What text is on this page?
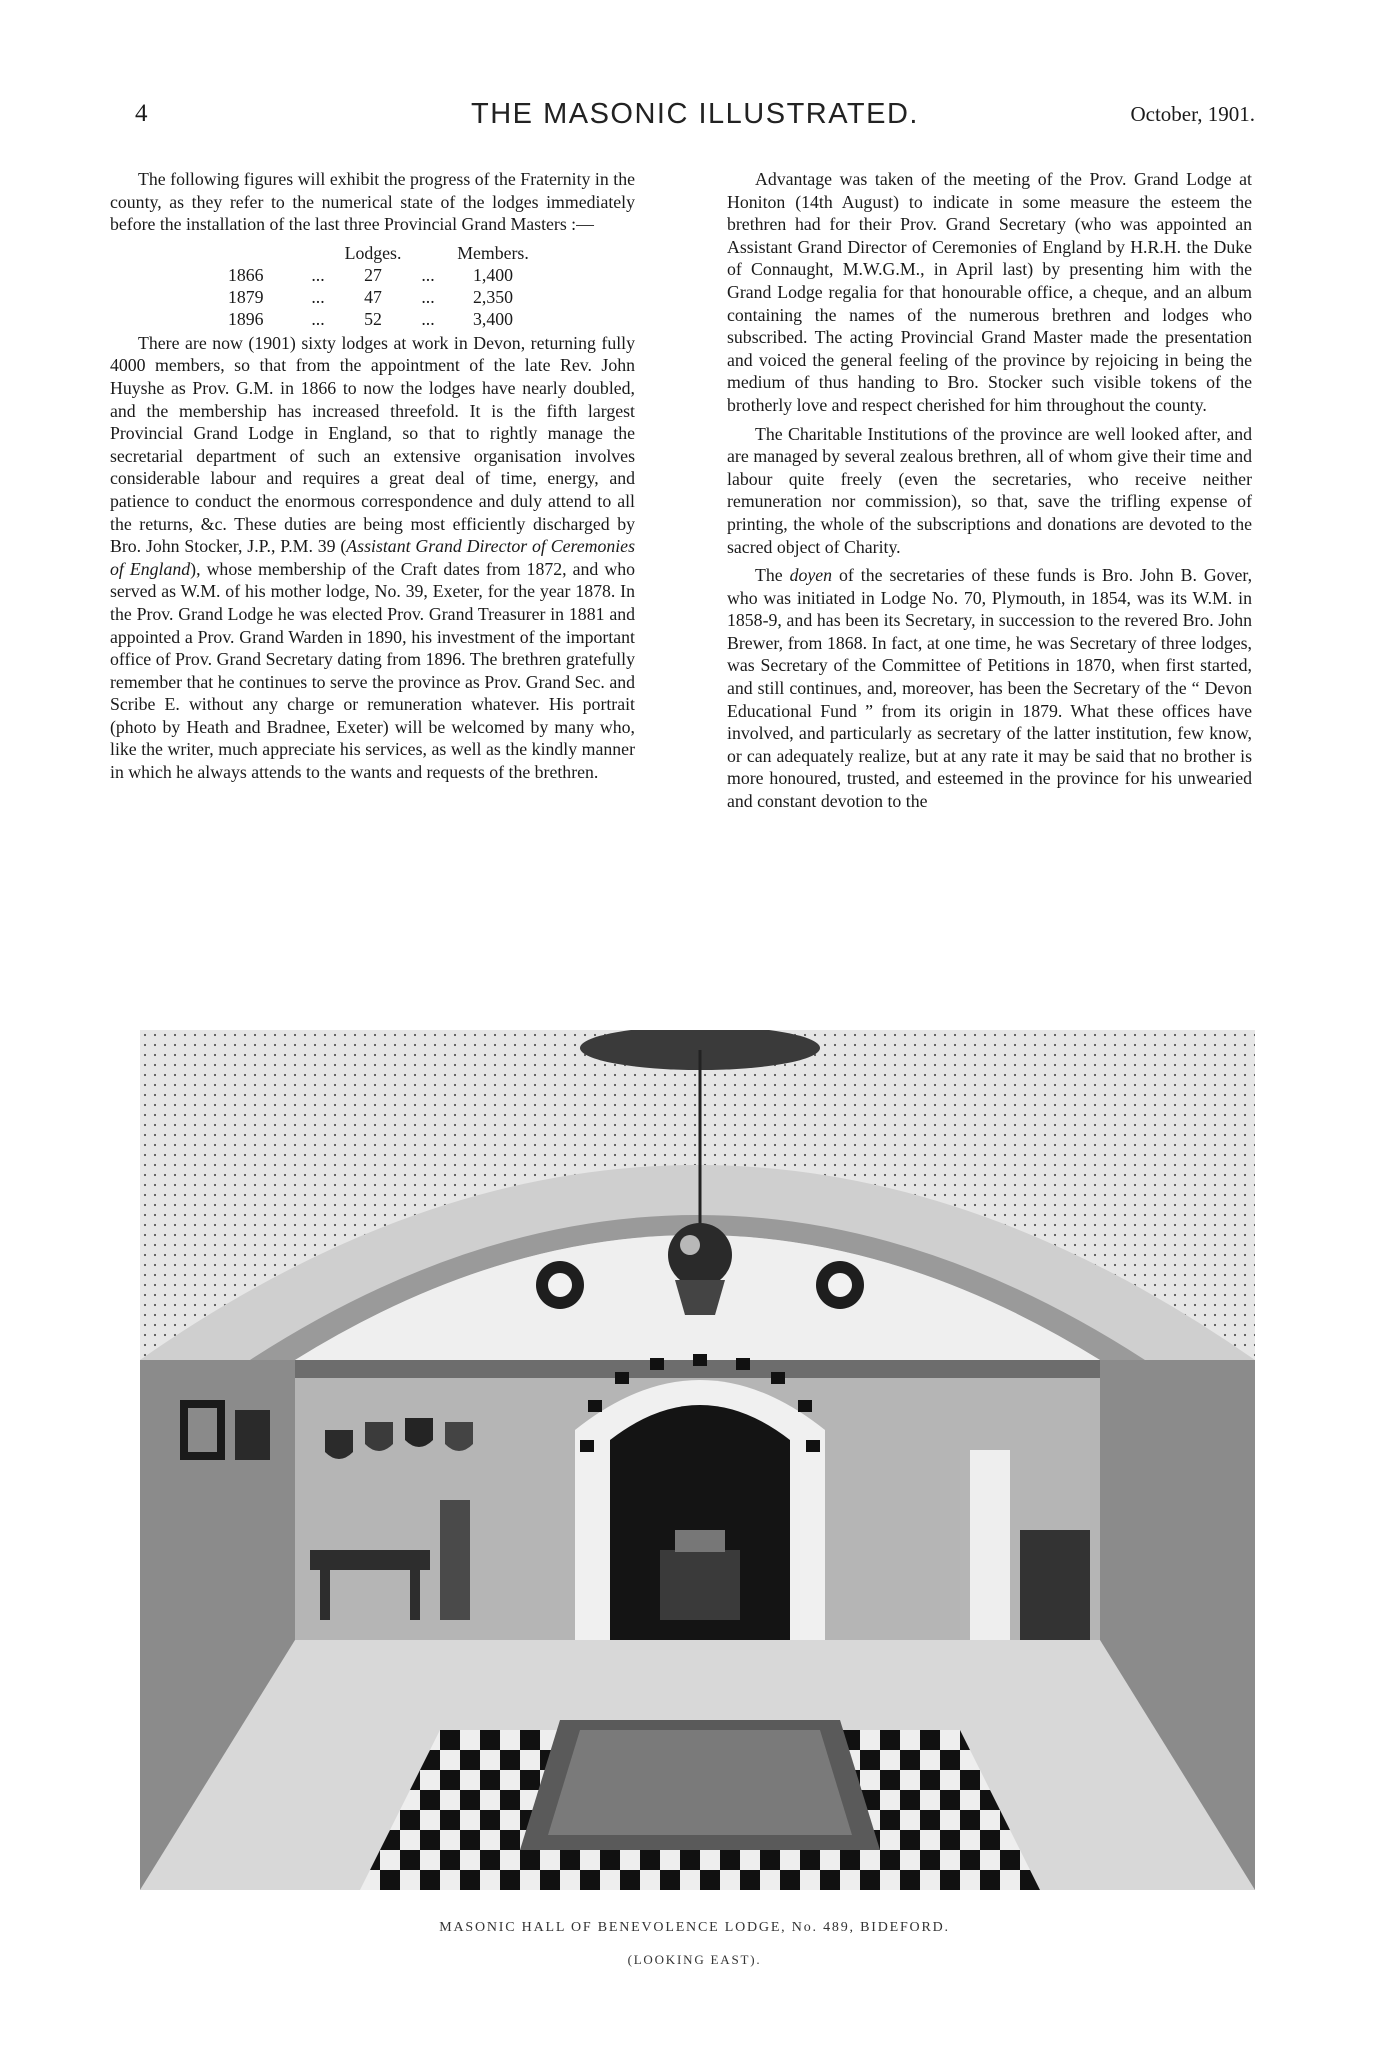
4	THE MASONIC ILLUSTRATED.	October, 1901.

The following figures will exhibit the progress of the Fraternity in the county, as they refer to the numerical state of the lodges immediately before the installation of the last three Provincial Grand Masters :—

		Lodges.		Members.
1866	...	27	...	1,400
1879	...	47	...	2,350
1896	...	52	...	3,400

There are now (1901) sixty lodges at work in Devon, returning fully 4000 members, so that from the appointment of the late Rev. John Huyshe as Prov. G.M. in 1866 to now the lodges have nearly doubled, and the membership has increased threefold. It is the fifth largest Provincial Grand Lodge in England, so that to rightly manage the secretarial department of such an extensive organisation involves considerable labour and requires a great deal of time, energy, and patience to conduct the enormous correspondence and duly attend to all the returns, &c. These duties are being most efficiently discharged by Bro. John Stocker, J.P., P.M. 39 (Assistant Grand Director of Ceremonies of England), whose membership of the Craft dates from 1872, and who served as W.M. of his mother lodge, No. 39, Exeter, for the year 1878. In the Prov. Grand Lodge he was elected Prov. Grand Treasurer in 1881 and appointed a Prov. Grand Warden in 1890, his investment of the important office of Prov. Grand Secretary dating from 1896. The brethren gratefully remember that he continues to serve the province as Prov. Grand Sec. and Scribe E. without any charge or remuneration whatever. His portrait (photo by Heath and Bradnee, Exeter) will be welcomed by many who, like the writer, much appreciate his services, as well as the kindly manner in which he always attends to the wants and requests of the brethren.

Advantage was taken of the meeting of the Prov. Grand Lodge at Honiton (14th August) to indicate in some measure the esteem the brethren had for their Prov. Grand Secretary (who was appointed an Assistant Grand Director of Ceremonies of England by H.R.H. the Duke of Connaught, M.W.G.M., in April last) by presenting him with the Grand Lodge regalia for that honourable office, a cheque, and an album containing the names of the numerous brethren and lodges who subscribed. The acting Provincial Grand Master made the presentation and voiced the general feeling of the province by rejoicing in being the medium of thus handing to Bro. Stocker such visible tokens of the brotherly love and respect cherished for him throughout the county.

The Charitable Institutions of the province are well looked after, and are managed by several zealous brethren, all of whom give their time and labour quite freely (even the secretaries, who receive neither remuneration nor commission), so that, save the trifling expense of printing, the whole of the subscriptions and donations are devoted to the sacred object of Charity.

The doyen of the secretaries of these funds is Bro. John B. Gover, who was initiated in Lodge No. 70, Plymouth, in 1854, was its W.M. in 1858-9, and has been its Secretary, in succession to the revered Bro. John Brewer, from 1868. In fact, at one time, he was Secretary of three lodges, was Secretary of the Committee of Petitions in 1870, when first started, and still continues, and, moreover, has been the Secretary of the “ Devon Educational Fund ” from its origin in 1879. What these offices have involved, and particularly as secretary of the latter institution, few know, or can adequately realize, but at any rate it may be said that no brother is more honoured, trusted, and esteemed in the province for his unwearied and constant devotion to the

MASONIC HALL OF BENEVOLENCE LODGE, No. 489, BIDEFORD.
(LOOKING EAST).
